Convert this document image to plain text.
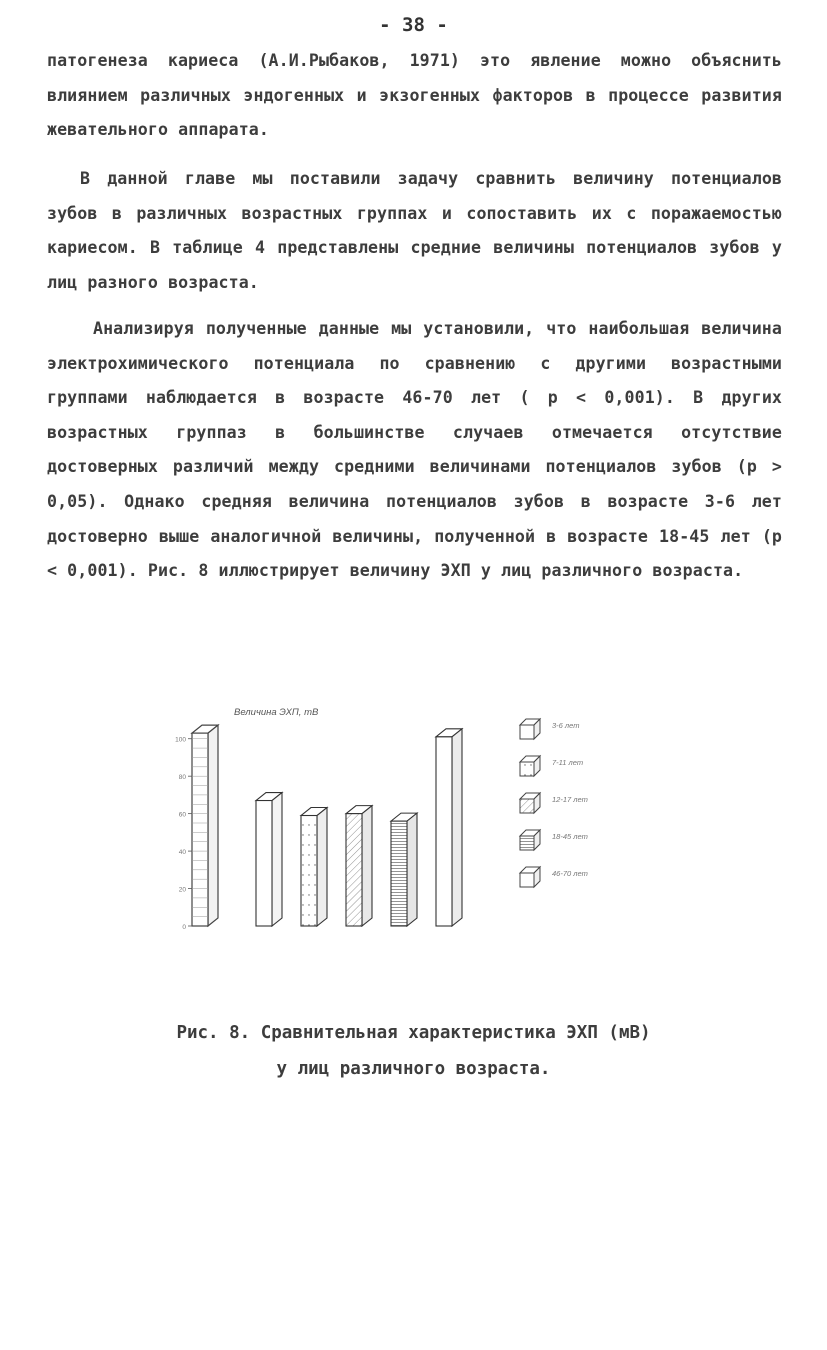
- 38 -

патогенеза кариеса (А.И.Рыбаков, 1971) это явление можно объяснить влиянием различных эндогенных и экзогенных факторов в процессе развития жевательного аппарата.

В данной главе мы поставили задачу сравнить величину потенциалов зубов в различных возрастных группах и сопоставить их с поражаемостью кариесом. В таблице 4 представлены средние величины потенциалов зубов у лиц разного возраста.

Анализируя полученные данные мы установили, что наибольшая величина электрохимического потенциала по сравнению с другими возрастными группами наблюдается в возрасте 46-70 лет ( p < 0,001). В других возрастных группаз в большинстве случаев отмечается отсутствие достоверных различий между средними величинами потенциалов зубов (p > 0,05). Однако средняя величина потенциалов зубов в возрасте 3-6 лет достоверно выше аналогичной величины, полученной в возрасте 18-45 лет (p < 0,001). Рис. 8 иллюстрирует величину ЭХП у лиц различного возраста.

0
20
40
60
80
100
Величина ЭХП, mB
3-6 лет
7-11 лет
12-17 лет
18-45 лет
46-70 лет
Рис. 8. Сравнительная характеристика ЭХП (мВ)
у лиц различного возраста.
